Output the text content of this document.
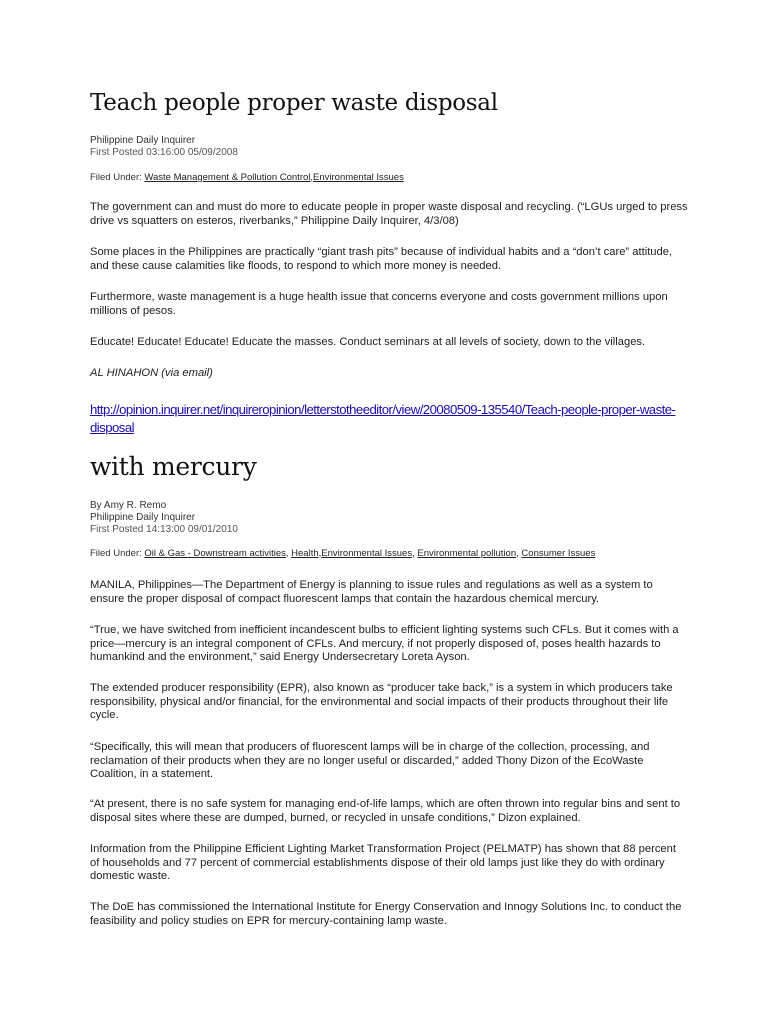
Teach people proper waste disposal
Philippine Daily Inquirer
First Posted 03:16:00 05/09/2008
Filed Under: Waste Management & Pollution Control,Environmental Issues

The government can and must do more to educate people in proper waste disposal and recycling. (“LGUs urged to press drive vs squatters on esteros, riverbanks,” Philippine Daily Inquirer, 4/3/08)

Some places in the Philippines are practically “giant trash pits” because of individual habits and a “don’t care” attitude, and these cause calamities like floods, to respond to which more money is needed.

Furthermore, waste management is a huge health issue that concerns everyone and costs government millions upon millions of pesos.

Educate! Educate! Educate! Educate the masses. Conduct seminars at all levels of society, down to the villages.

AL HINAHON (via email)
http://opinion.inquirer.net/inquireropinion/letterstotheeditor/view/20080509-135540/Teach-people-proper-waste-disposal
with mercury
By Amy R. Remo
Philippine Daily Inquirer
First Posted 14:13:00 09/01/2010
Filed Under: Oil & Gas - Downstream activities, Health,Environmental Issues, Environmental pollution, Consumer Issues

MANILA, Philippines—The Department of Energy is planning to issue rules and regulations as well as a system to ensure the proper disposal of compact fluorescent lamps that contain the hazardous chemical mercury.

“True, we have switched from inefficient incandescent bulbs to efficient lighting systems such CFLs. But it comes with a price—mercury is an integral component of CFLs. And mercury, if not properly disposed of, poses health hazards to humankind and the environment,” said Energy Undersecretary Loreta Ayson.

The extended producer responsibility (EPR), also known as “producer take back,” is a system in which producers take responsibility, physical and/or financial, for the environmental and social impacts of their products throughout their life cycle.

“Specifically, this will mean that producers of fluorescent lamps will be in charge of the collection, processing, and reclamation of their products when they are no longer useful or discarded,” added Thony Dizon of the EcoWaste Coalition, in a statement.

“At present, there is no safe system for managing end-of-life lamps, which are often thrown into regular bins and sent to disposal sites where these are dumped, burned, or recycled in unsafe conditions,” Dizon explained.

Information from the Philippine Efficient Lighting Market Transformation Project (PELMATP) has shown that 88 percent of households and 77 percent of commercial establishments dispose of their old lamps just like they do with ordinary domestic waste.

The DoE has commissioned the International Institute for Energy Conservation and Innogy Solutions Inc. to conduct the feasibility and policy studies on EPR for mercury-containing lamp waste.
